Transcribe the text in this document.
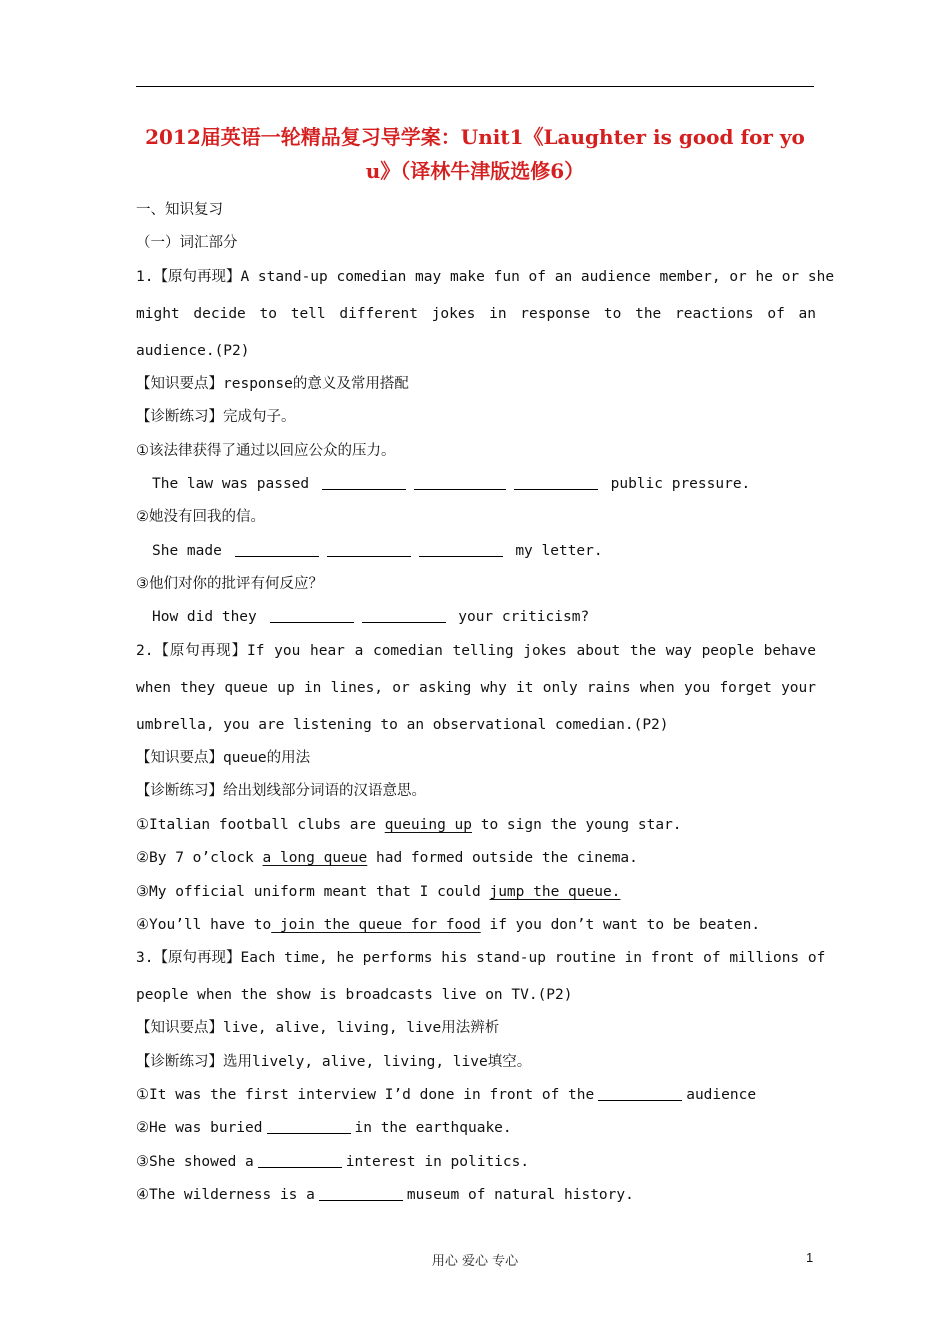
2012届英语一轮精品复习导学案：Unit1《Laughter is good for you》（译林牛津版选修6）
一、知识复习
（一）词汇部分
1.【原句再现】A stand-up comedian may make fun of an audience member, or he or she
might decide to tell different jokes in response to the reactions of an
audience.(P2)
【知识要点】response的意义及常用搭配
【诊断练习】完成句子。
①该法律获得了通过以回应公众的压力。
The law was passed	public pressure.
②她没有回我的信。
She made	my letter.
③他们对你的批评有何反应？
How did they	your criticism?
2.【原句再现】If you hear a comedian telling jokes about the way people behave
when they queue up in lines, or asking why it only rains when you forget your
umbrella, you are listening to an observational comedian.(P2)
【知识要点】queue的用法
【诊断练习】给出划线部分词语的汉语意思。
①Italian football clubs are queuing up to sign the young star.
②By 7 o’clock a long queue had formed outside the cinema.
③My official uniform meant that I could jump the queue.
④You’ll have to join the queue for food if you don’t want to be beaten.
3.【原句再现】Each time, he performs his stand-up routine in front of millions of
people when the show is broadcasts live on TV.(P2)
【知识要点】live, alive, living, live用法辨析
【诊断练习】选用lively, alive, living, live填空。
①It was the first interview I’d done in front of the	audience
②He was buried	in the earthquake.
③She showed a	interest in politics.
④The wilderness is a	museum of natural history.
用心 爱心 专心	1
